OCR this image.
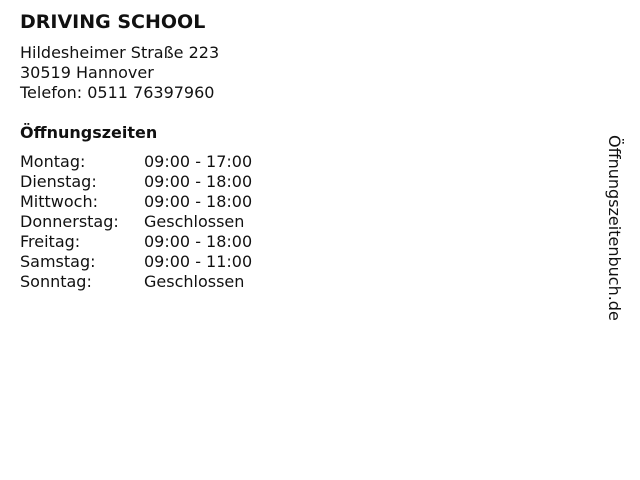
DRIVING SCHOOL
Hildesheimer Straße 223
30519 Hannover
Telefon: 0511 76397960
Öffnungszeiten
Montag:	09:00 - 17:00
Dienstag:	09:00 - 18:00
Mittwoch:	09:00 - 18:00
Donnerstag:	Geschlossen
Freitag:	09:00 - 18:00
Samstag:	09:00 - 11:00
Sonntag:	Geschlossen	Öffnungszeitenbuch.de
